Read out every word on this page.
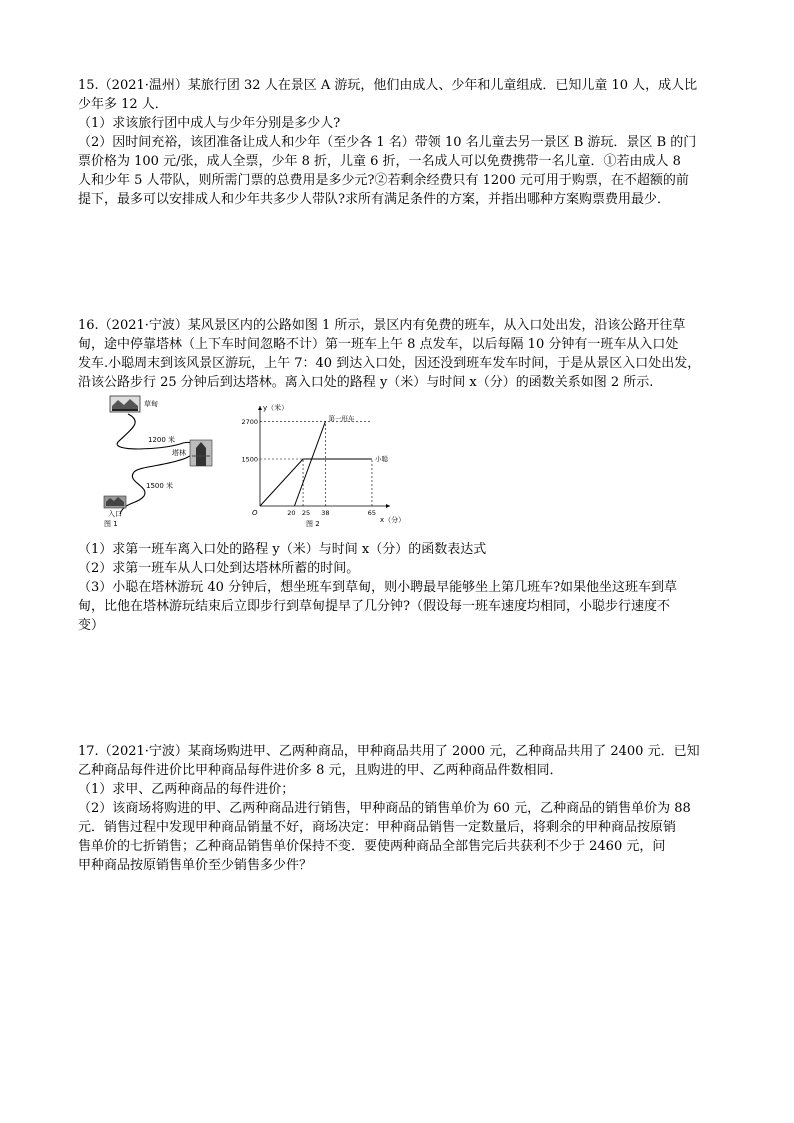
15.（2021·温州）某旅行团 32 人在景区 A 游玩，他们由成人、少年和儿童组成．已知儿童 10 人，成人比

少年多 12 人．

（1）求该旅行团中成人与少年分别是多少人?

（2）因时间充裕，该团准备让成人和少年（至少各 1 名）带领 10 名儿童去另一景区 B 游玩．景区 B 的门

票价格为 100 元/张，成人全票，少年 8 折，儿童 6 折，一名成人可以免费携带一名儿童．①若由成人 8

人和少年 5 人带队，则所需门票的总费用是多少元?②若剩余经费只有 1200 元可用于购票，在不超额的前

提下，最多可以安排成人和少年共多少人带队?求所有满足条件的方案，并指出哪种方案购票费用最少．

16.（2021·宁波）某风景区内的公路如图 1 所示，景区内有免费的班车，从入口处出发，沿该公路开往草

甸，途中停靠塔林（上下车时间忽略不计）第一班车上午 8 点发车，以后每隔 10 分钟有一班车从入口处

发车.小聪周末到该风景区游玩，上午 7：40 到达入口处，因还没到班车发车时间，于是从景区入口处出发，

沿该公路步行 25 分钟后到达塔林。离入口处的路程 y（米）与时间 x（分）的函数关系如图 2 所示.

草甸
1200 米
塔林
1500 米
入口
图 1
y（米）
x（分）
O
1500
2700
20 25 38	65
第一班车
小聪
图 2

（1）求第一班车离入口处的路程 y（米）与时间 x（分）的函数表达式

（2）求第一班车从人口处到达塔林所蓄的时间。

（3）小聪在塔林游玩 40 分钟后，想坐班车到草甸，则小聘最早能够坐上第几班车?如果他坐这班车到草

甸，比他在塔林游玩结束后立即步行到草甸提早了几分钟?（假设每一班车速度均相同，小聪步行速度不

变）

17.（2021·宁波）某商场购进甲、乙两种商品，甲种商品共用了 2000 元，乙种商品共用了 2400 元．已知

乙种商品每件进价比甲种商品每件进价多 8 元，且购进的甲、乙两种商品件数相同．

（1）求甲、乙两种商品的每件进价；

（2）该商场将购进的甲、乙两种商品进行销售，甲种商品的销售单价为 60 元，乙种商品的销售单价为 88

元．销售过程中发现甲种商品销量不好，商场决定：甲种商品销售一定数量后，将剩余的甲种商品按原销

售单价的七折销售；乙种商品销售单价保持不变．要使两种商品全部售完后共获利不少于 2460 元，问

甲种商品按原销售单价至少销售多少件？
